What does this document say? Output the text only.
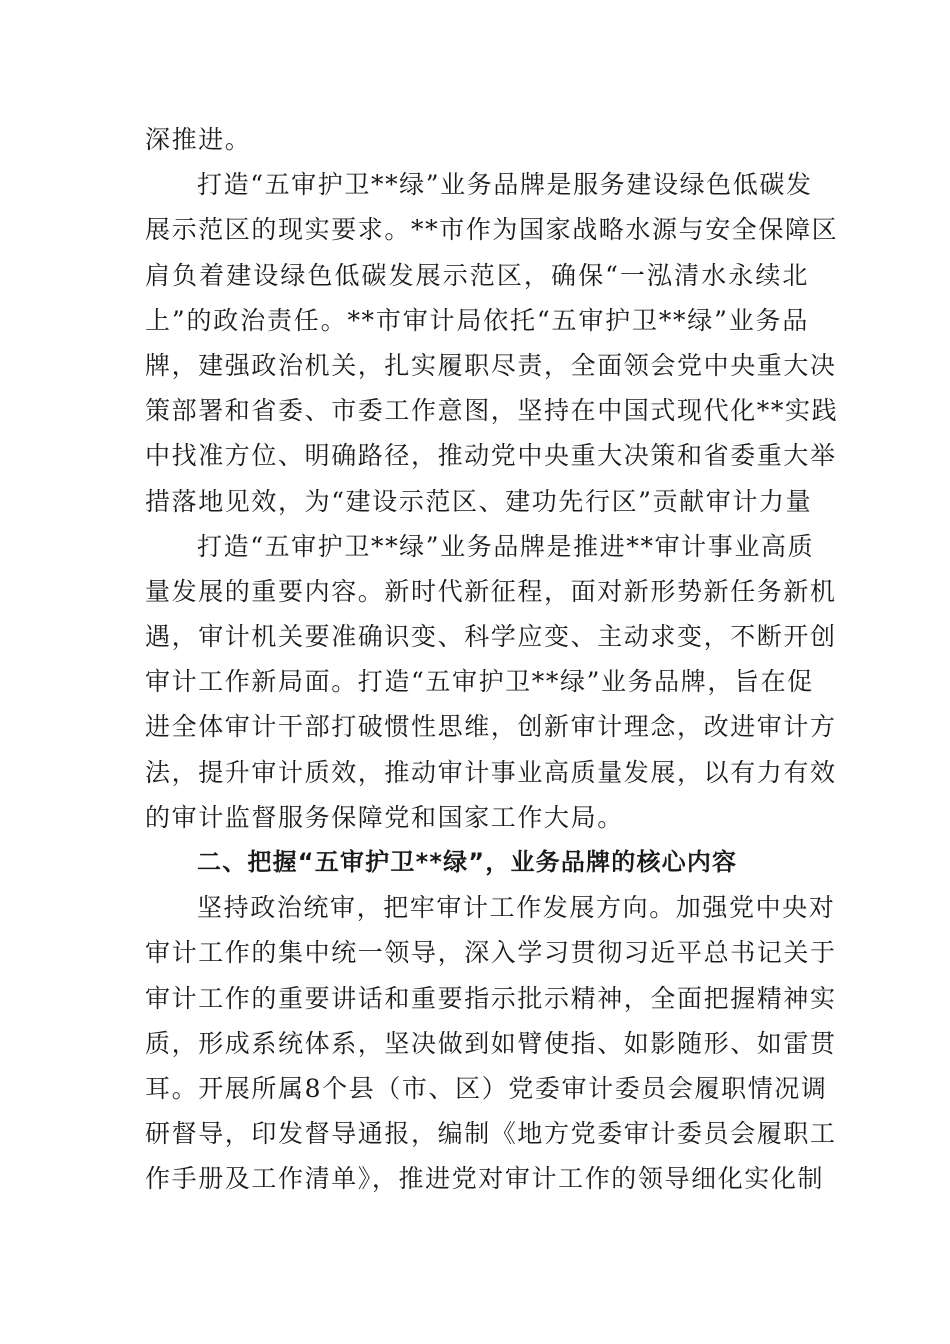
深推进。
打造“五审护卫**绿”业务品牌是服务建设绿色低碳发
展示范区的现实要求。**市作为国家战略水源与安全保障区
肩负着建设绿色低碳发展示范区，确保“一泓清水永续北
上”的政治责任。**市审计局依托“五审护卫**绿”业务品
牌，建强政治机关，扎实履职尽责，全面领会党中央重大决
策部署和省委、市委工作意图，坚持在中国式现代化**实践
中找准方位、明确路径，推动党中央重大决策和省委重大举
措落地见效，为“建设示范区、建功先行区”贡献审计力量
打造“五审护卫**绿”业务品牌是推进**审计事业高质
量发展的重要内容。新时代新征程，面对新形势新任务新机
遇，审计机关要准确识变、科学应变、主动求变，不断开创
审计工作新局面。打造“五审护卫**绿”业务品牌，旨在促
进全体审计干部打破惯性思维，创新审计理念，改进审计方
法，提升审计质效，推动审计事业高质量发展，以有力有效
的审计监督服务保障党和国家工作大局。
二、把握“五审护卫**绿”，业务品牌的核心内容
坚持政治统审，把牢审计工作发展方向。加强党中央对
审计工作的集中统一领导，深入学习贯彻习近平总书记关于
审计工作的重要讲话和重要指示批示精神，全面把握精神实
质，形成系统体系，坚决做到如臂使指、如影随形、如雷贯
耳。开展所属8个县（市、区）党委审计委员会履职情况调
研督导，印发督导通报，编制《地方党委审计委员会履职工
作手册及工作清单》，推进党对审计工作的领导细化实化制
